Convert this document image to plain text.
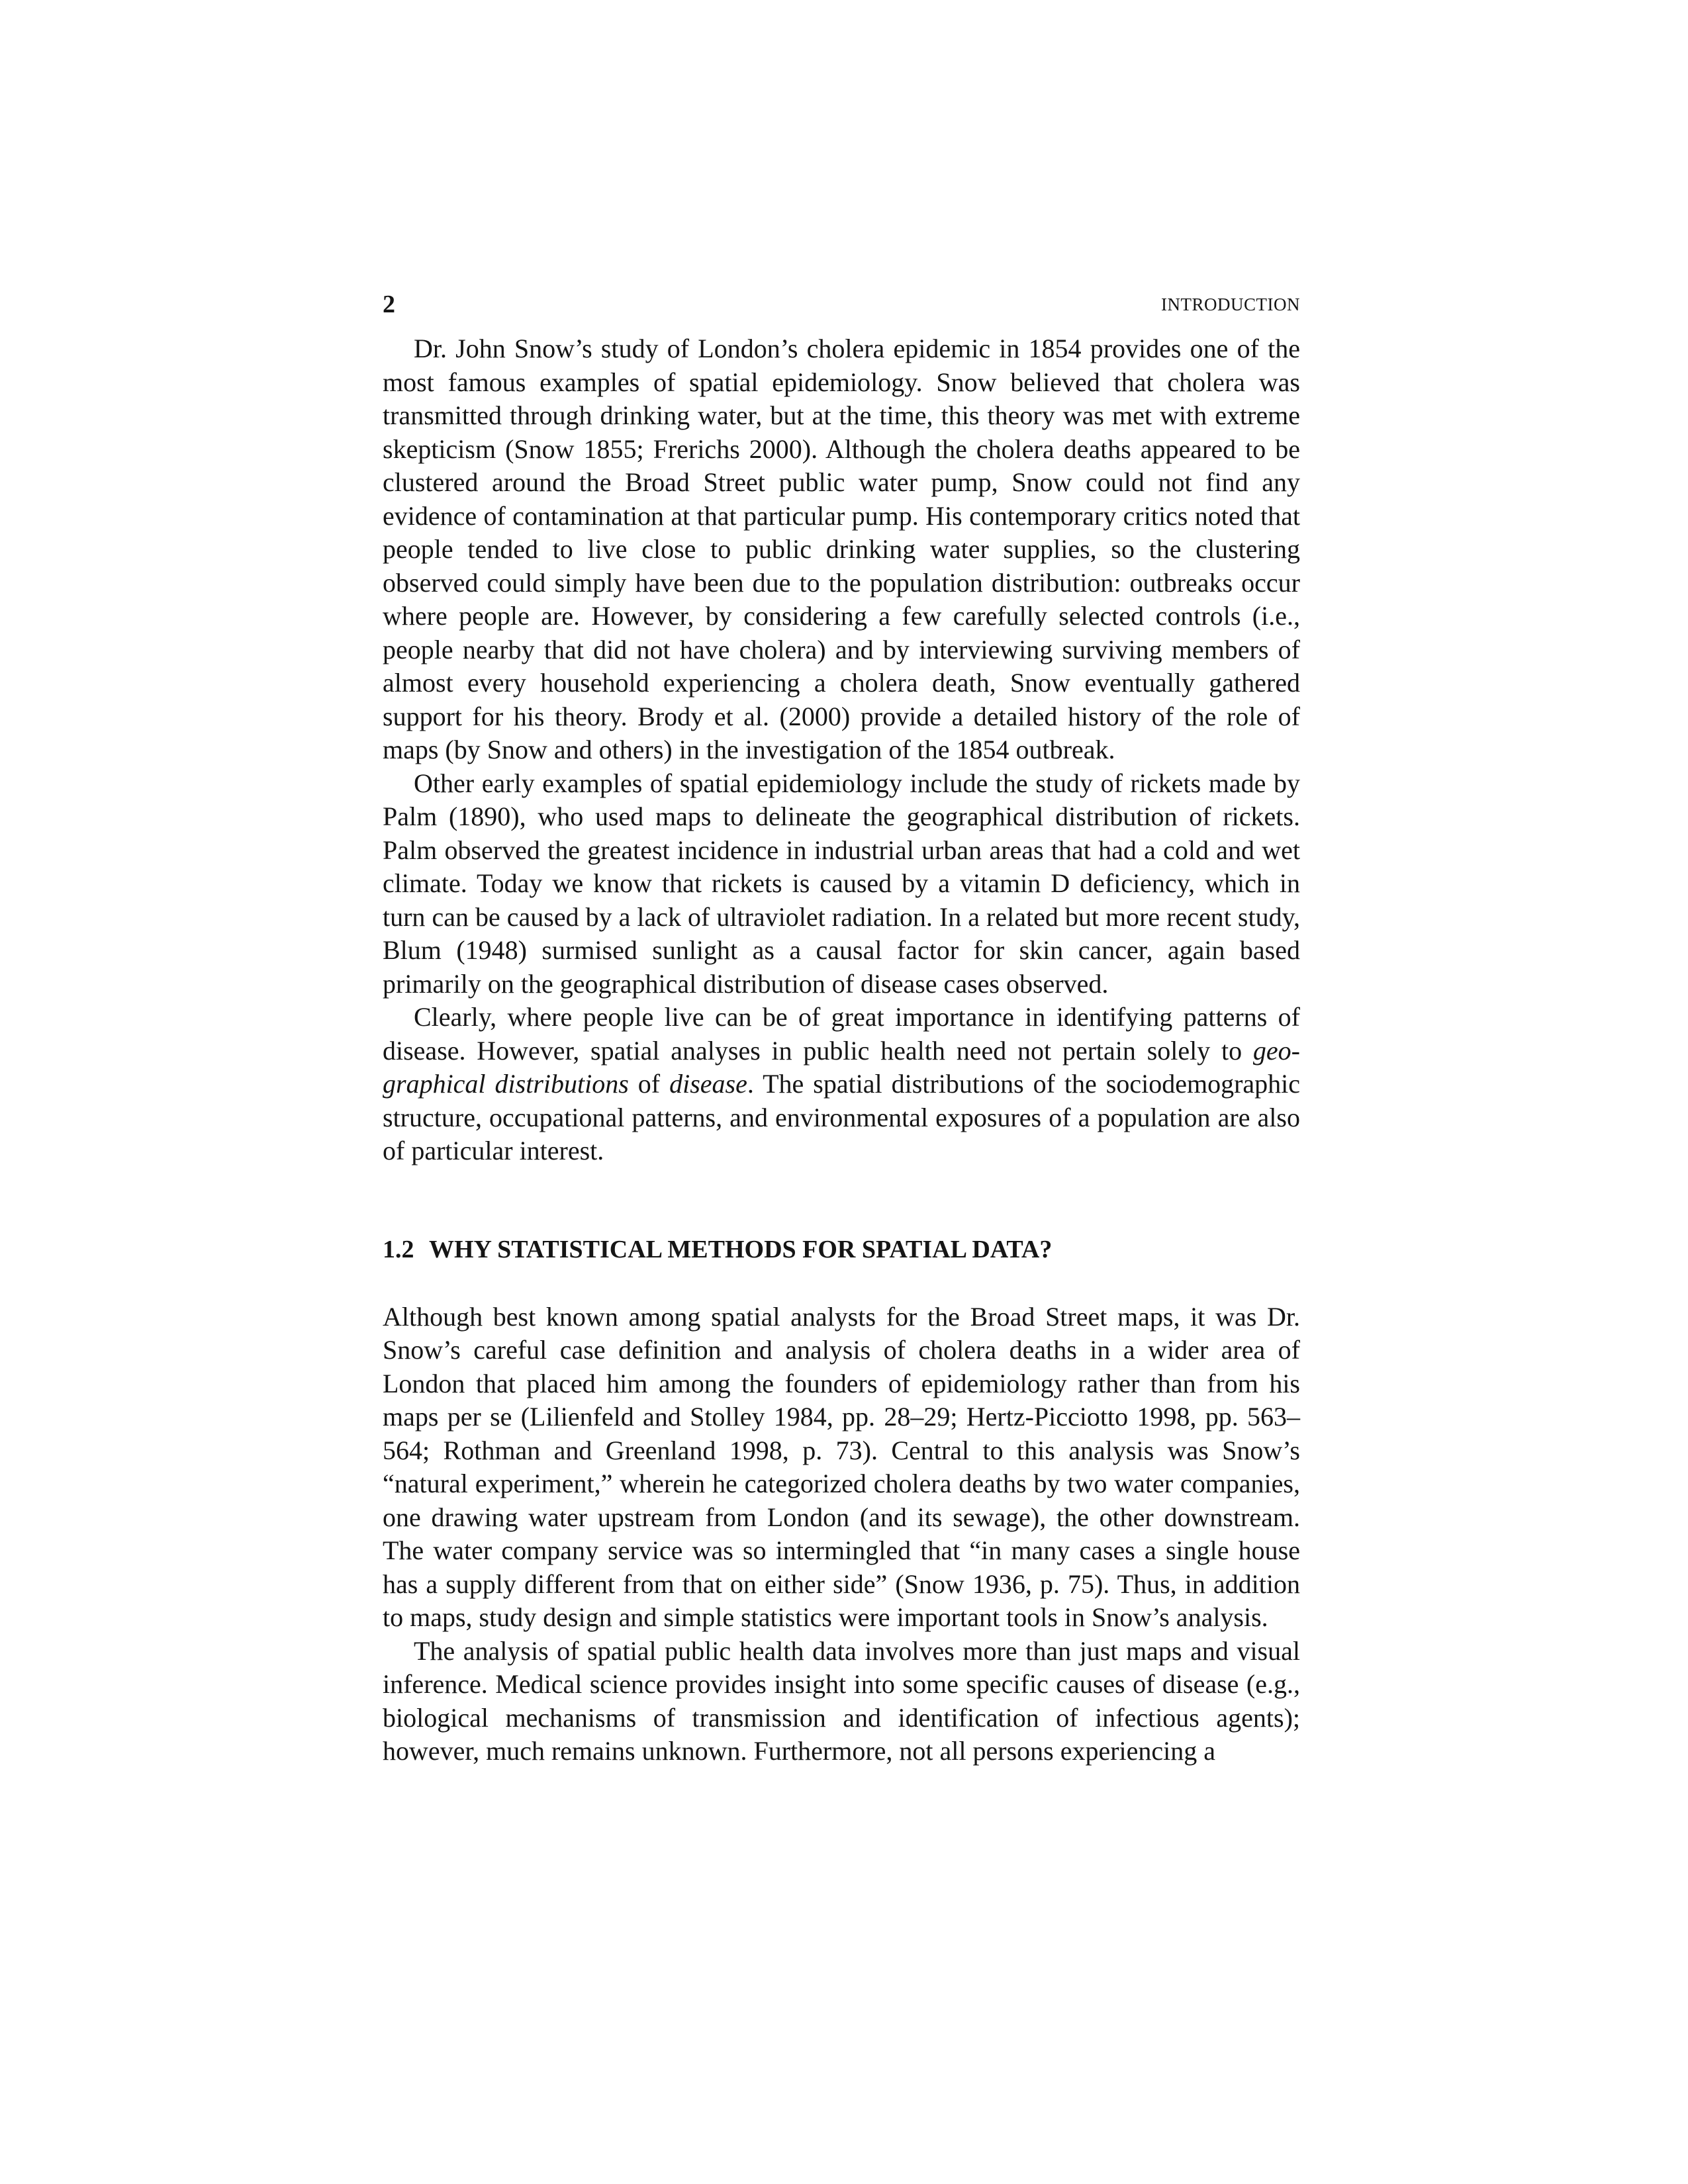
2	INTRODUCTION

Dr. John Snow’s study of London’s cholera epidemic in 1854 provides one of the most famous examples of spatial epidemiology. Snow believed that cholera was transmitted through drinking water, but at the time, this theory was met with extreme skepticism (Snow 1855; Frerichs 2000). Although the cholera deaths appeared to be clustered around the Broad Street public water pump, Snow could not find any evidence of contamination at that particular pump. His contemporary critics noted that people tended to live close to public drinking water supplies, so the clustering observed could simply have been due to the population distribution: outbreaks occur where people are. However, by considering a few carefully selected controls (i.e., people nearby that did not have cholera) and by interviewing surviving members of almost every household experiencing a cholera death, Snow eventually gathered support for his theory. Brody et al. (2000) provide a detailed history of the role of maps (by Snow and others) in the investigation of the 1854 outbreak.

Other early examples of spatial epidemiology include the study of rickets made by Palm (1890), who used maps to delineate the geographical distribution of rickets. Palm observed the greatest incidence in industrial urban areas that had a cold and wet climate. Today we know that rickets is caused by a vitamin D deficiency, which in turn can be caused by a lack of ultraviolet radiation. In a related but more recent study, Blum (1948) surmised sunlight as a causal factor for skin cancer, again based primarily on the geographical distribution of disease cases observed.

Clearly, where people live can be of great importance in identifying patterns of disease. However, spatial analyses in public health need not pertain solely to geographical distributions of disease. The spatial distributions of the sociodemographic structure, occupational patterns, and environmental exposures of a population are also of particular interest.

1.2 WHY STATISTICAL METHODS FOR SPATIAL DATA?

Although best known among spatial analysts for the Broad Street maps, it was Dr. Snow’s careful case definition and analysis of cholera deaths in a wider area of London that placed him among the founders of epidemiology rather than from his maps per se (Lilienfeld and Stolley 1984, pp. 28–29; Hertz-Picciotto 1998, pp. 563–564; Rothman and Greenland 1998, p. 73). Central to this analysis was Snow’s “natural experiment,” wherein he categorized cholera deaths by two water companies, one drawing water upstream from London (and its sewage), the other downstream. The water company service was so intermingled that “in many cases a single house has a supply different from that on either side” (Snow 1936, p. 75). Thus, in addition to maps, study design and simple statistics were important tools in Snow’s analysis.

The analysis of spatial public health data involves more than just maps and visual inference. Medical science provides insight into some specific causes of disease (e.g., biological mechanisms of transmission and identification of infectious agents); however, much remains unknown. Furthermore, not all persons experiencing a
